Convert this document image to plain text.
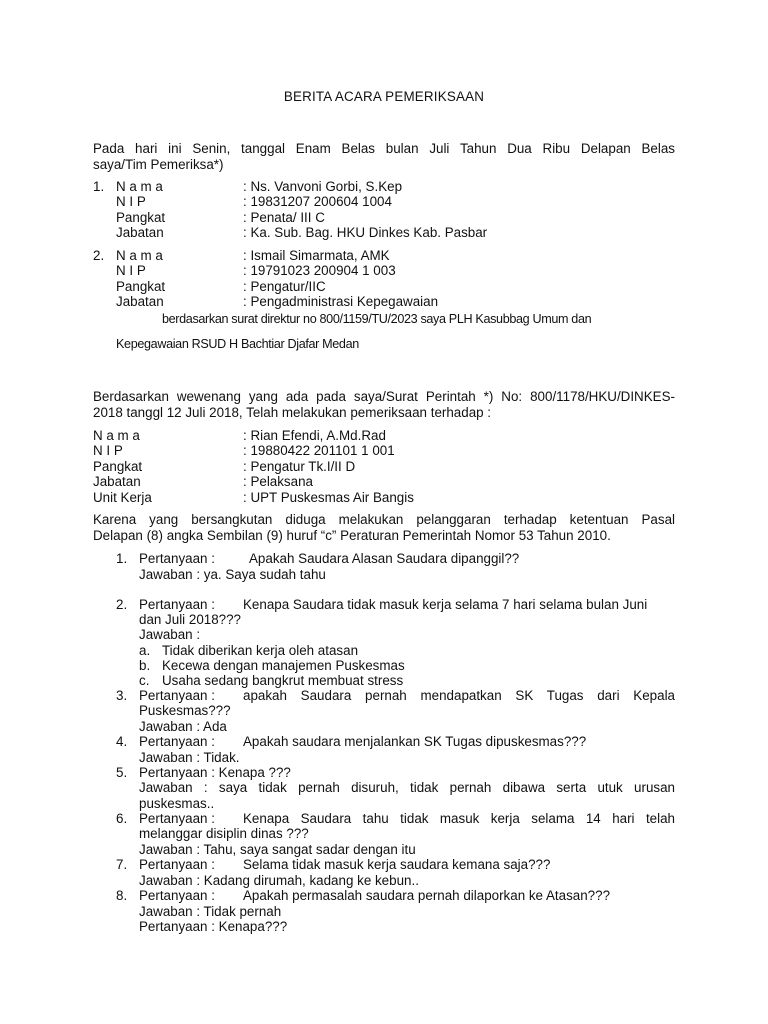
BERITA ACARA PEMERIKSAAN
Pada hari ini Senin, tanggal Enam Belas bulan Juli Tahun Dua Ribu Delapan Belas
saya/Tim Pemeriksa*)
1. N a m a	: Ns. Vanvoni Gorbi, S.Kep
N I P	: 19831207 200604 1004
Pangkat	: Penata/ III C
Jabatan	: Ka. Sub. Bag. HKU Dinkes Kab. Pasbar
2. N a m a	: Ismail Simarmata, AMK
N I P	: 19791023 200904 1 003
Pangkat	: Pengatur/IIC
Jabatan	: Pengadministrasi Kepegawaian
berdasarkan surat direktur no 800/1159/TU/2023 saya PLH Kasubbag Umum dan
Kepegawaian RSUD H Bachtiar Djafar Medan
Berdasarkan wewenang yang ada pada saya/Surat Perintah *) No: 800/1178/HKU/DINKES-
2018 tanggl 12 Juli 2018, Telah melakukan pemeriksaan terhadap :
N a m a	: Rian Efendi, A.Md.Rad
N I P	: 19880422 201101 1 001
Pangkat	: Pengatur Tk.I/II D
Jabatan	: Pelaksana
Unit Kerja	: UPT Puskesmas Air Bangis
Karena yang bersangkutan diduga melakukan pelanggaran terhadap ketentuan Pasal
Delapan (8) angka Sembilan (9) huruf “c” Peraturan Pemerintah Nomor 53 Tahun 2010.
1. Pertanyaan :	Apakah Saudara Alasan Saudara dipanggil??
Jawaban : ya. Saya sudah tahu
2. Pertanyaan : Kenapa Saudara tidak masuk kerja selama 7 hari selama bulan Juni
dan Juli 2018???
Jawaban :
a. Tidak diberikan kerja oleh atasan
b. Kecewa dengan manajemen Puskesmas
c. Usaha sedang bangkrut membuat stress
3. Pertanyaan : apakah Saudara pernah mendapatkan SK Tugas dari Kepala
Puskesmas???
Jawaban : Ada
4. Pertanyaan : Apakah saudara menjalankan SK Tugas dipuskesmas???
Jawaban : Tidak.
5. Pertanyaan : Kenapa ???
Jawaban : saya tidak pernah disuruh, tidak pernah dibawa serta utuk urusan
puskesmas..
6. Pertanyaan : Kenapa Saudara tahu tidak masuk kerja selama 14 hari telah
melanggar disiplin dinas ???
Jawaban : Tahu, saya sangat sadar dengan itu
7. Pertanyaan : Selama tidak masuk kerja saudara kemana saja???
Jawaban : Kadang dirumah, kadang ke kebun..
8. Pertanyaan : Apakah permasalah saudara pernah dilaporkan ke Atasan???
Jawaban : Tidak pernah
Pertanyaan : Kenapa???
